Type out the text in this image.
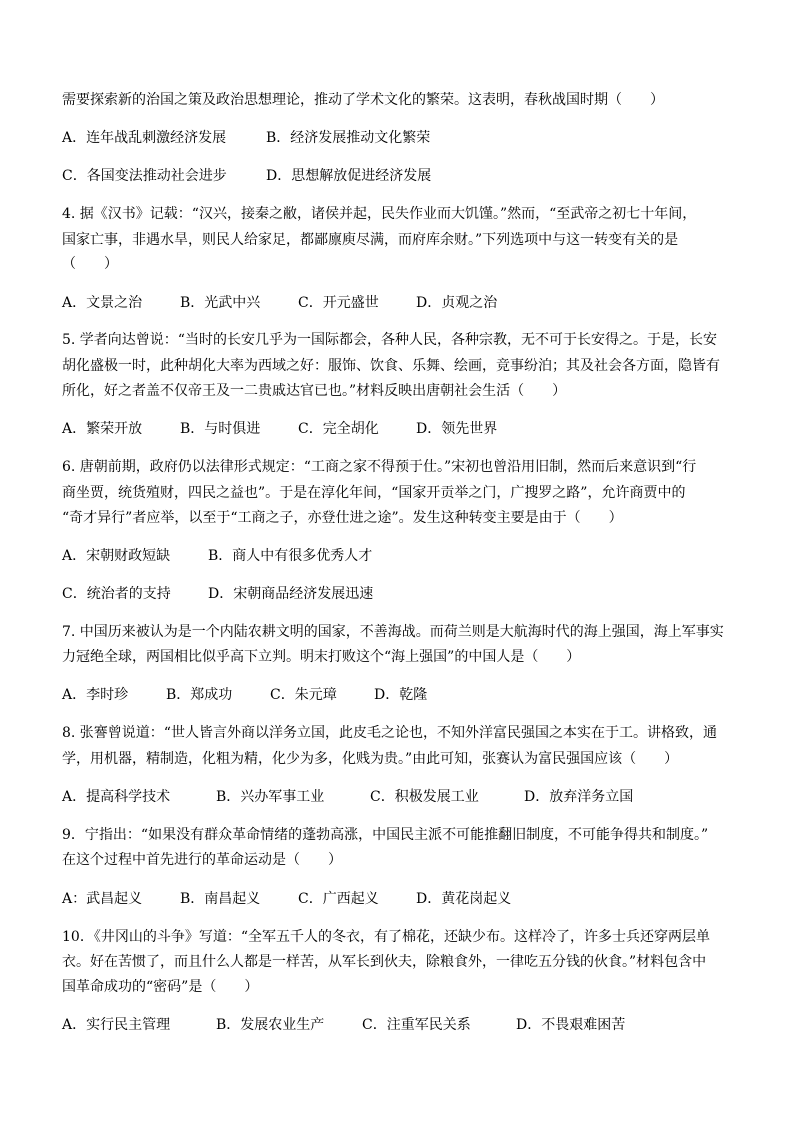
需要探索新的治国之策及政治思想理论，推动了学术文化的繁荣。这表明，春秋战国时期（　　）
A．连年战乱刺激经济发展	B．经济发展推动文化繁荣
C．各国变法推动社会进步	D．思想解放促进经济发展
4. 据《汉书》记载：“汉兴，接秦之敝，诸侯并起，民失作业而大饥馑。”然而，“至武帝之初七十年间，
国家亡事，非遇水旱，则民人给家足，都鄙廪庾尽满，而府库余财。”下列选项中与这一转变有关的是
（　　）
A．文景之治	B．光武中兴	C．开元盛世	D．贞观之治
5. 学者向达曾说：“当时的长安几乎为一国际都会，各种人民，各种宗教，无不可于长安得之。于是，长安
胡化盛极一时，此种胡化大率为西域之好：服饰、饮食、乐舞、绘画，竞事纷泊；其及社会各方面，隐皆有
所化，好之者盖不仅帝王及一二贵戚达官已也。”材料反映出唐朝社会生活（　　）
A．繁荣开放	B．与时俱进	C．完全胡化	D．领先世界
6. 唐朝前期，政府仍以法律形式规定：“工商之家不得预于仕。”宋初也曾沿用旧制，然而后来意识到“行
商坐贾，统货殖财，四民之益也”。于是在淳化年间，“国家开贡举之门，广搜罗之路”，允许商贾中的
“奇才异行”者应举，以至于“工商之子，亦登仕进之途”。发生这种转变主要是由于（　　）
A．宋朝财政短缺	B．商人中有很多优秀人才
C．统治者的支持	D．宋朝商品经济发展迅速
7. 中国历来被认为是一个内陆农耕文明的国家，不善海战。而荷兰则是大航海时代的海上强国，海上军事实
力冠绝全球，两国相比似乎高下立判。明末打败这个“海上强国”的中国人是（　　）
A．李时珍	B．郑成功	C．朱元璋	D．乾隆
8. 张謇曾说道：“世人皆言外商以洋务立国，此皮毛之论也，不知外洋富民强国之本实在于工。讲格致，通
学，用机器，精制造，化粗为精，化少为多，化贱为贵。”由此可知，张赛认为富民强国应该（　　）
A．提高科学技术	B．兴办军事工业	C．积极发展工业	D．放弃洋务立国
9．宁指出：“如果没有群众革命情绪的蓬勃高涨，中国民主派不可能推翻旧制度，不可能争得共和制度。”
在这个过程中首先进行的革命运动是（　　）
A：武昌起义	B．南昌起义	C．广西起义	D．黄花岗起义
10．《井冈山的斗争》写道：“全军五千人的冬衣，有了棉花，还缺少布。这样冷了，许多士兵还穿两层单
衣。好在苦惯了，而且什么人都是一样苦，从军长到伙夫，除粮食外，一律吃五分钱的伙食。”材料包含中
国革命成功的“密码”是（　　）
A．实行民主管理	B．发展农业生产	C．注重军民关系	D．不畏艰难困苦
